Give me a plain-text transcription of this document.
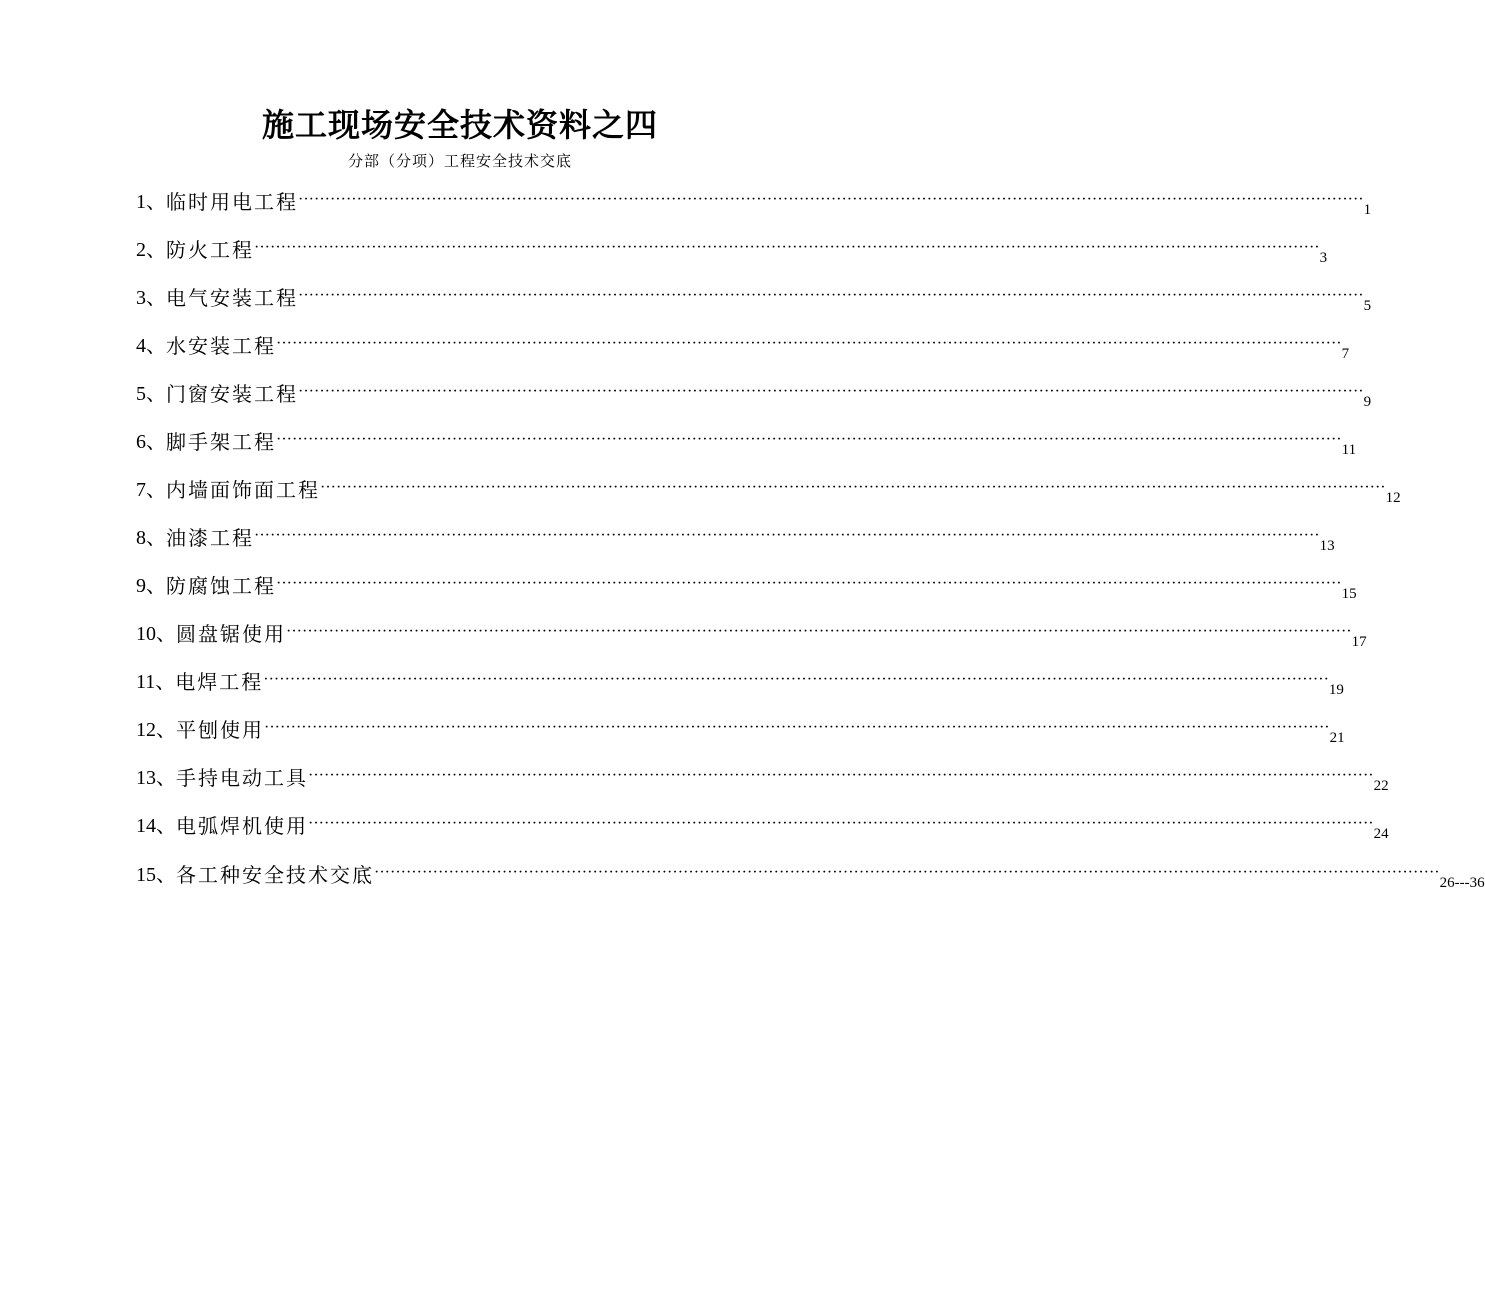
施工现场安全技术资料之四
分部（分项）工程安全技术交底
1、 临时用电工程 ········································································································································································································
1
2、 防火工程 ········································································································································································································
3
3、 电气安装工程 ········································································································································································································
5
4、 水安装工程 ········································································································································································································
7
5、 门窗安装工程 ········································································································································································································
9
6、 脚手架工程 ········································································································································································································
11
7、 内墙面饰面工程 ········································································································································································································
12
8、 油漆工程 ········································································································································································································
13
9、 防腐蚀工程 ········································································································································································································
15
10、 圆盘锯使用 ········································································································································································································
17
11、 电焊工程 ········································································································································································································
19
12、 平刨使用 ········································································································································································································
21
13、 手持电动工具 ········································································································································································································
22
14、 电弧焊机使用 ········································································································································································································
24
15、 各工种安全技术交底 ········································································································································································································
26---36
